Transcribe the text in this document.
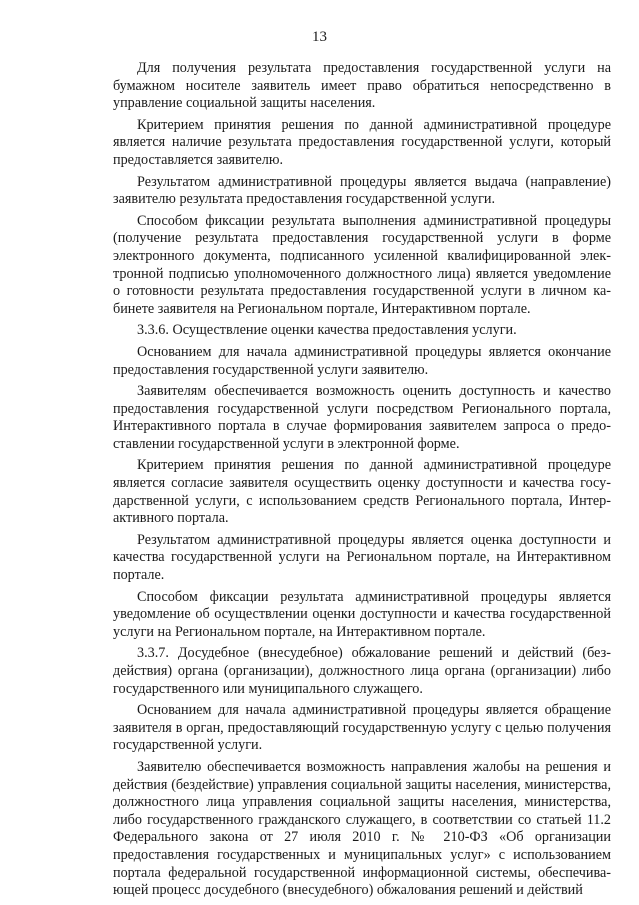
13

Для получения результата предоставления государственной услуги на бумажном носителе заявитель имеет право обратиться непосредственно в управление социальной защиты населения.

Критерием принятия решения по данной административной процедуре является наличие результата предоставления государственной услуги, который предоставляется заявителю.

Результатом административной процедуры является выдача (направление) заявителю результата предоставления государственной услуги.

Способом фиксации результата выполнения административной процедуры (получение результата предоставления государственной услуги в форме электронного документа, подписанного усиленной квалифицированной электронной подписью уполномоченного должностного лица) является уведомление о готовности результата предоставления государственной услуги в личном кабинете заявителя на Региональном портале, Интерактивном портале.

3.3.6. Осуществление оценки качества предоставления услуги.

Основанием для начала административной процедуры является окончание предоставления государственной услуги заявителю.

Заявителям обеспечивается возможность оценить доступность и качество предоставления государственной услуги посредством Регионального портала, Интерактивного портала в случае формирования заявителем запроса о предоставлении государственной услуги в электронной форме.

Критерием принятия решения по данной административной процедуре является согласие заявителя осуществить оценку доступности и качества государственной услуги, с использованием средств Регионального портала, Интерактивного портала.

Результатом административной процедуры является оценка доступности и качества государственной услуги на Региональном портале, на Интерактивном портале.

Способом фиксации результата административной процедуры является уведомление об осуществлении оценки доступности и качества государственной услуги на Региональном портале, на Интерактивном портале.

3.3.7. Досудебное (внесудебное) обжалование решений и действий (бездействия) органа (организации), должностного лица органа (организации) либо государственного или муниципального служащего.

Основанием для начала административной процедуры является обращение заявителя в орган, предоставляющий государственную услугу с целью получения государственной услуги.

Заявителю обеспечивается возможность направления жалобы на решения и действия (бездействие) управления социальной защиты населения, министерства, должностного лица управления социальной защиты населения, министерства, либо государственного гражданского служащего, в соответствии со статьей 11.2 Федерального закона от 27 июля 2010 г. № 210-ФЗ «Об организации предоставления государственных и муниципальных услуг» с использованием портала федеральной государственной информационной системы, обеспечивающей процесс досудебного (внесудебного) обжалования решений и действий
